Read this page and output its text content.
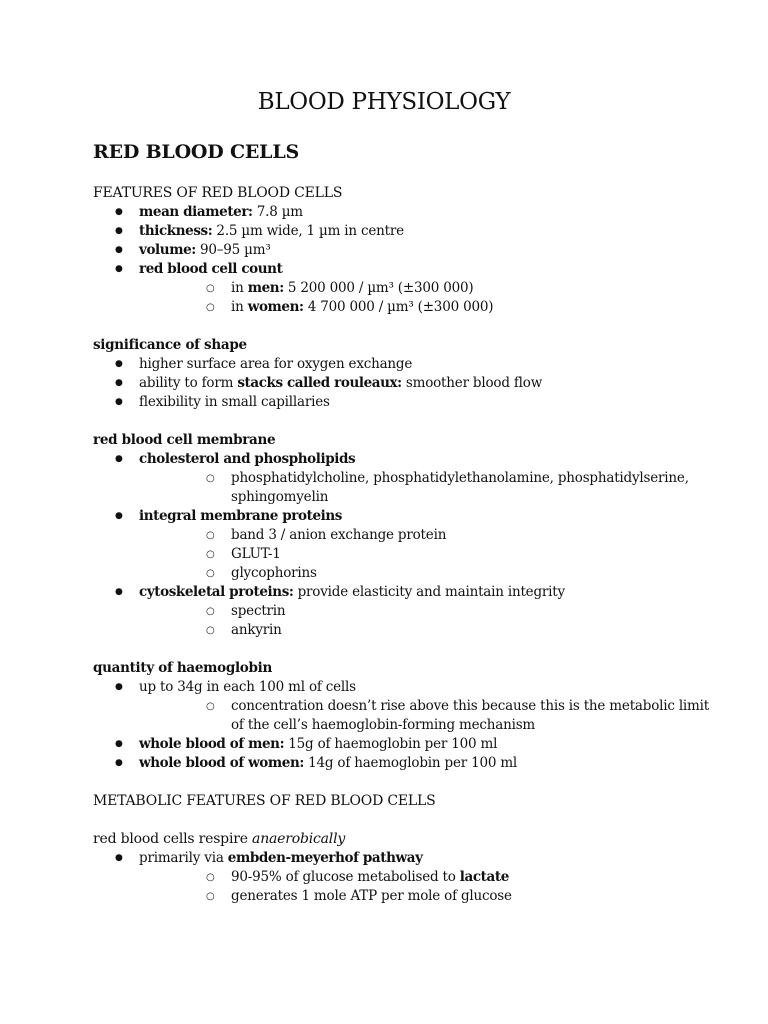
BLOOD PHYSIOLOGY
RED BLOOD CELLS
FEATURES OF RED BLOOD CELLS
● mean diameter: 7.8 µm
● thickness: 2.5 µm wide, 1 µm in centre
● volume: 90–95 µm³
● red blood cell count
○ in men: 5 200 000 / µm³ (±300 000)
○ in women: 4 700 000 / µm³ (±300 000)
significance of shape
● higher surface area for oxygen exchange
● ability to form stacks called rouleaux: smoother blood flow
● flexibility in small capillaries
red blood cell membrane
● cholesterol and phospholipids
○ phosphatidylcholine, phosphatidylethanolamine, phosphatidylserine, sphingomyelin
● integral membrane proteins
○ band 3 / anion exchange protein
○ GLUT-1
○ glycophorins
● cytoskeletal proteins: provide elasticity and maintain integrity
○ spectrin
○ ankyrin
quantity of haemoglobin
● up to 34g in each 100 ml of cells
○ concentration doesn’t rise above this because this is the metabolic limit of the cell’s haemoglobin-forming mechanism
● whole blood of men: 15g of haemoglobin per 100 ml
● whole blood of women: 14g of haemoglobin per 100 ml
METABOLIC FEATURES OF RED BLOOD CELLS
red blood cells respire anaerobically
● primarily via embden-meyerhof pathway
○ 90-95% of glucose metabolised to lactate
○ generates 1 mole ATP per mole of glucose
